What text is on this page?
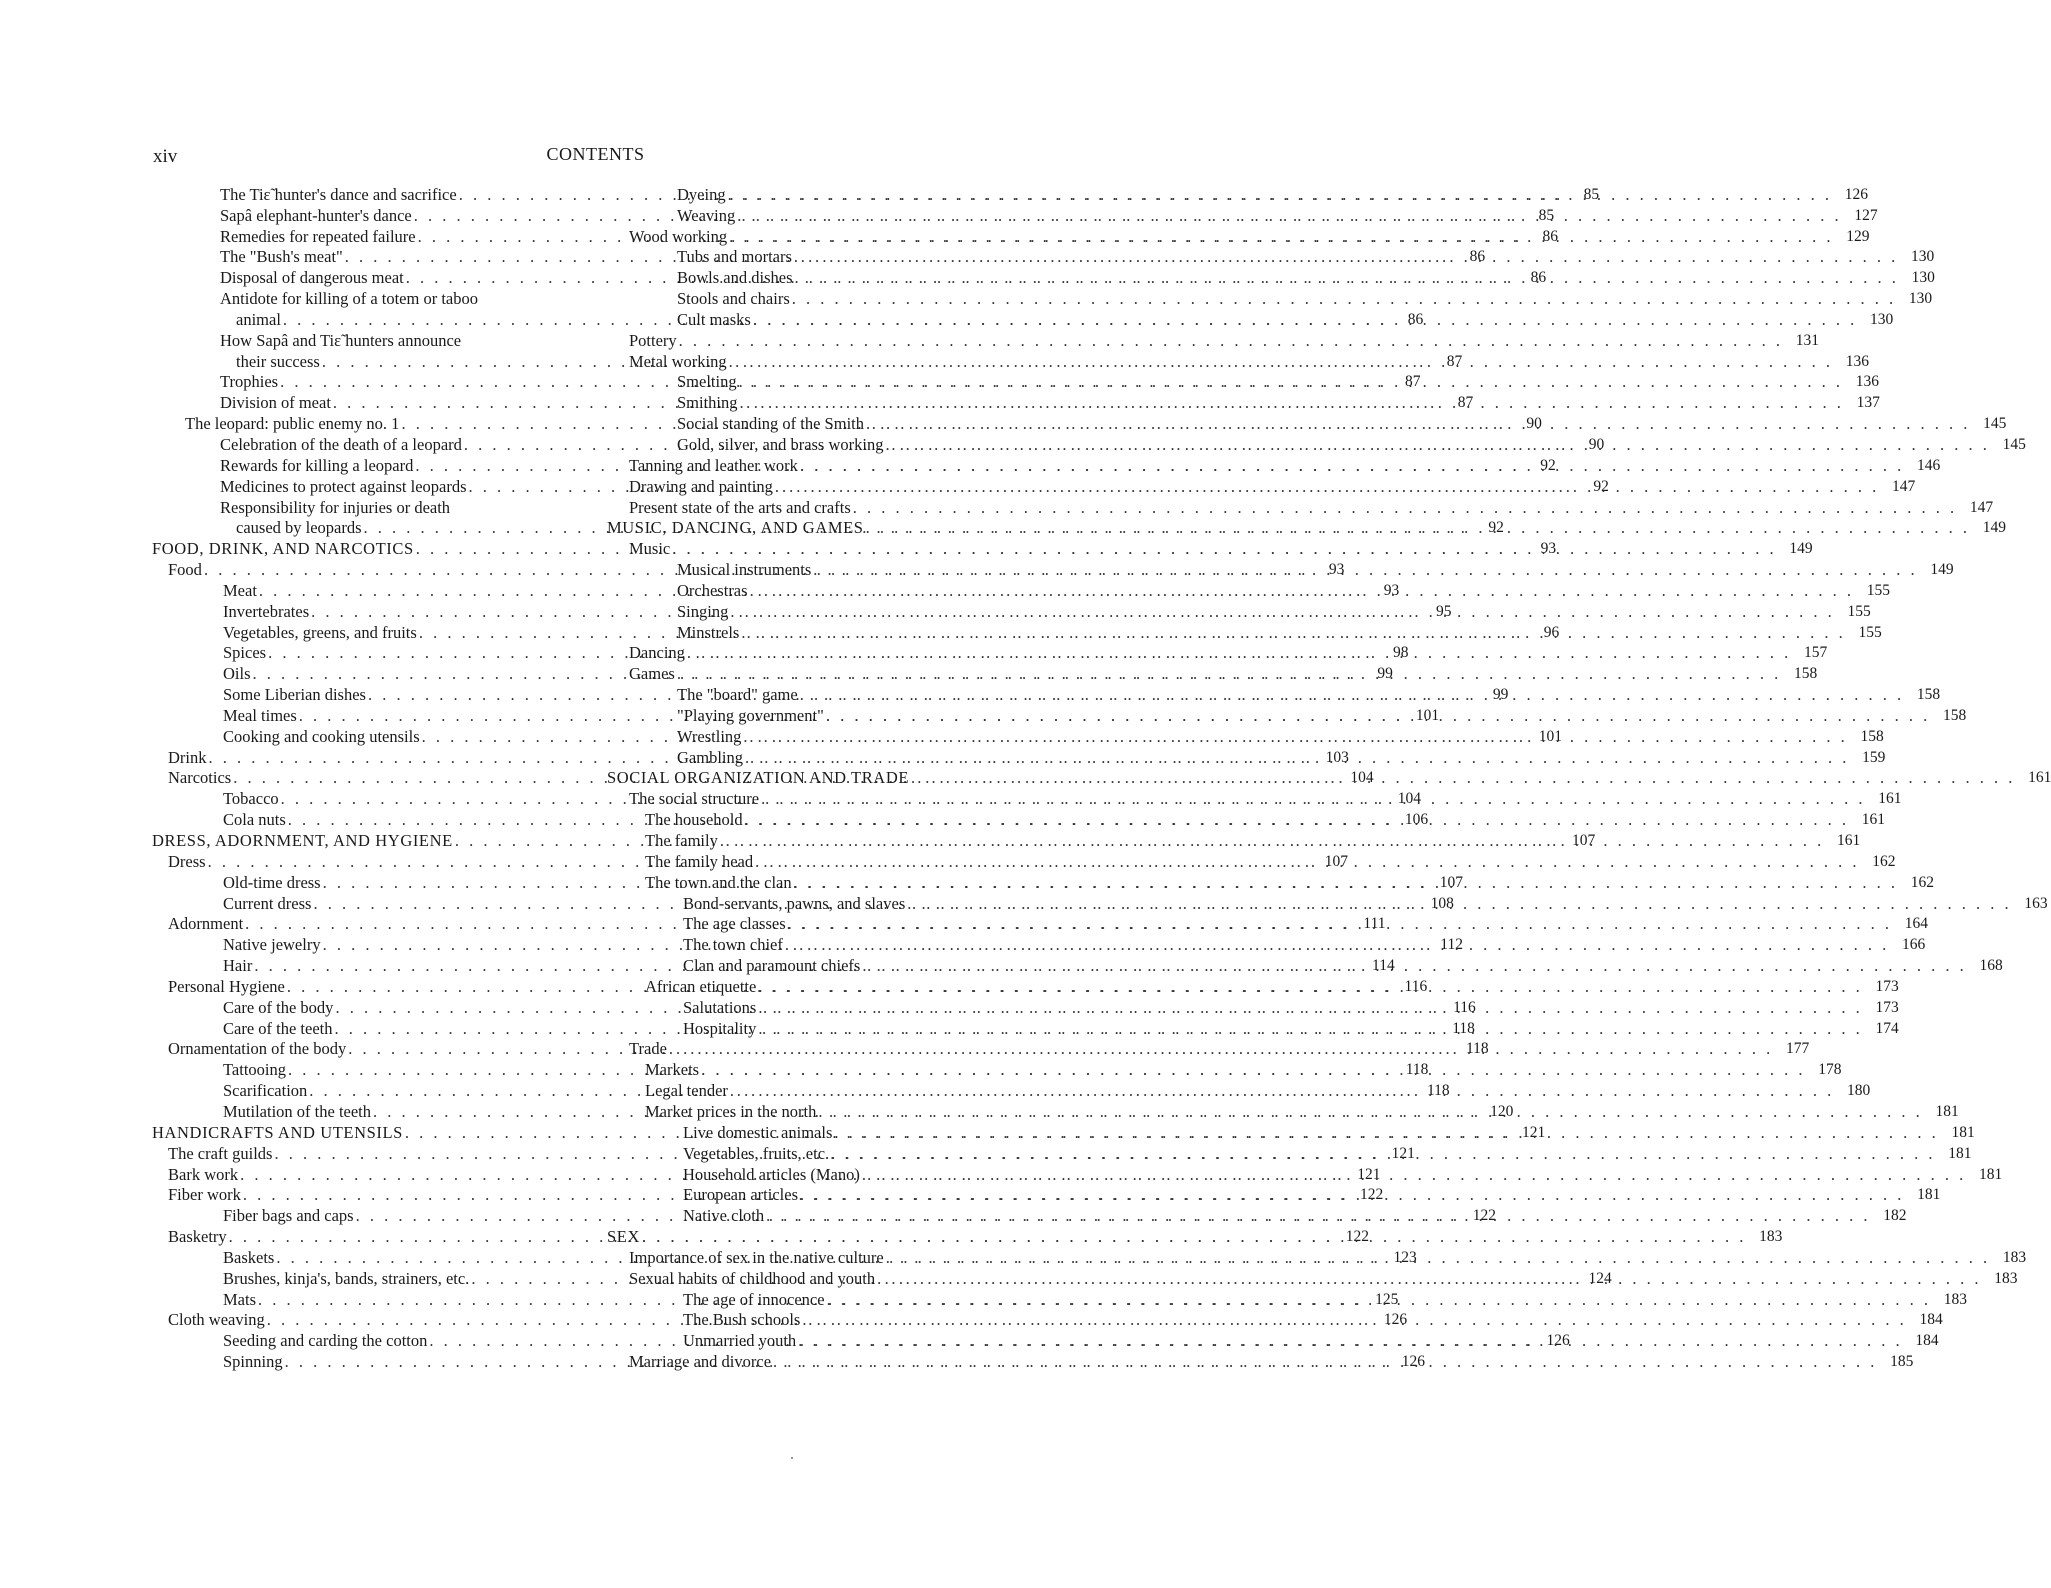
xiv	CONTENTS
The Tiɛ̃ hunter's dance and sacrifice . . .	85
Sapâ elephant-hunter's dance . . .	85
Remedies for repeated failure . . .	86
The "Bush's meat" . . .	86
Disposal of dangerous meat . . .	86
Antidote for killing of a totem or taboo
animal . . .	86
How Sapâ and Tiɛ̃ hunters announce
their success . . .	87
Trophies . . .	87
Division of meat . . .	87
The leopard: public enemy no. 1 . . .	90
Celebration of the death of a leopard . . .	90
Rewards for killing a leopard . . .	92
Medicines to protect against leopards . . .	92
Responsibility for injuries or death
caused by leopards . . .	92
FOOD, DRINK, AND NARCOTICS . . .	93
Food . . .	93
Meat . . .	93
Invertebrates . . .	95
Vegetables, greens, and fruits . . .	96
Spices . . .	98
Oils . . .	99
Some Liberian dishes . . .	99
Meal times . . .	101
Cooking and cooking utensils . . .	101
Drink . . .	103
Narcotics . . .	104
Tobacco . . .	104
Cola nuts . . .	106
DRESS, ADORNMENT, AND HYGIENE . . .	107
Dress . . .	107
Old-time dress . . .	107
Current dress . . .	108
Adornment . . .	111
Native jewelry . . .	112
Hair . . .	114
Personal Hygiene . . .	116
Care of the body . . .	116
Care of the teeth . . .	118
Ornamentation of the body . . .	118
Tattooing . . .	118
Scarification . . .	118
Mutilation of the teeth . . .	120
HANDICRAFTS AND UTENSILS . . .	121
The craft guilds . . .	121
Bark work . . .	121
Fiber work . . .	122
Fiber bags and caps . . .	122
Basketry . . .	122
Baskets . . .	123
Brushes, kinja's, bands, strainers, etc. . . .	124
Mats . . .	125
Cloth weaving . . .	126
Seeding and carding the cotton . . .	126
Spinning . . .	126
Dyeing . . .	126
Weaving . . .	127
Wood working . . .	129
Tubs and mortars . . .	130
Bowls and dishes . . .	130
Stools and chairs . . .	130
Cult masks . . .	130
Pottery . . .	131
Metal working . . .	136
Smelting . . .	136
Smithing . . .	137
Social standing of the Smith . . .	145
Gold, silver, and brass working . . .	145
Tanning and leather work . . .	146
Drawing and painting . . .	147
Present state of the arts and crafts . . .	147
MUSIC, DANCING, AND GAMES . . .	149
Music . . .	149
Musical instruments . . .	149
Orchestras . . .	155
Singing . . .	155
Minstrels . . .	155
Dancing . . .	157
Games . . .	158
The "board" game . . .	158
"Playing government" . . .	158
Wrestling . . .	158
Gambling . . .	159
SOCIAL ORGANIZATION AND TRADE . . .	161
The social structure . . .	161
The household . . .	161
The family . . .	161
The family head . . .	162
The town and the clan . . .	162
Bond-servants, pawns, and slaves . . .	163
The age classes . . .	164
The town chief . . .	166
Clan and paramount chiefs . . .	168
African etiquette . . .	173
Salutations . . .	173
Hospitality . . .	174
Trade . . .	177
Markets . . .	178
Legal tender . . .	180
Market prices in the north . . .	181
Live domestic animals . . .	181
Vegetables, fruits, etc. . . .	181
Household articles (Mano) . . .	181
European articles . . .	181
Native cloth . . .	182
SEX . . .	183
Importance of sex in the native culture . . .	183
Sexual habits of childhood and youth . . .	183
The age of innocence . . .	183
The Bush schools . . .	184
Unmarried youth . . .	184
Marriage and divorce . . .	185
